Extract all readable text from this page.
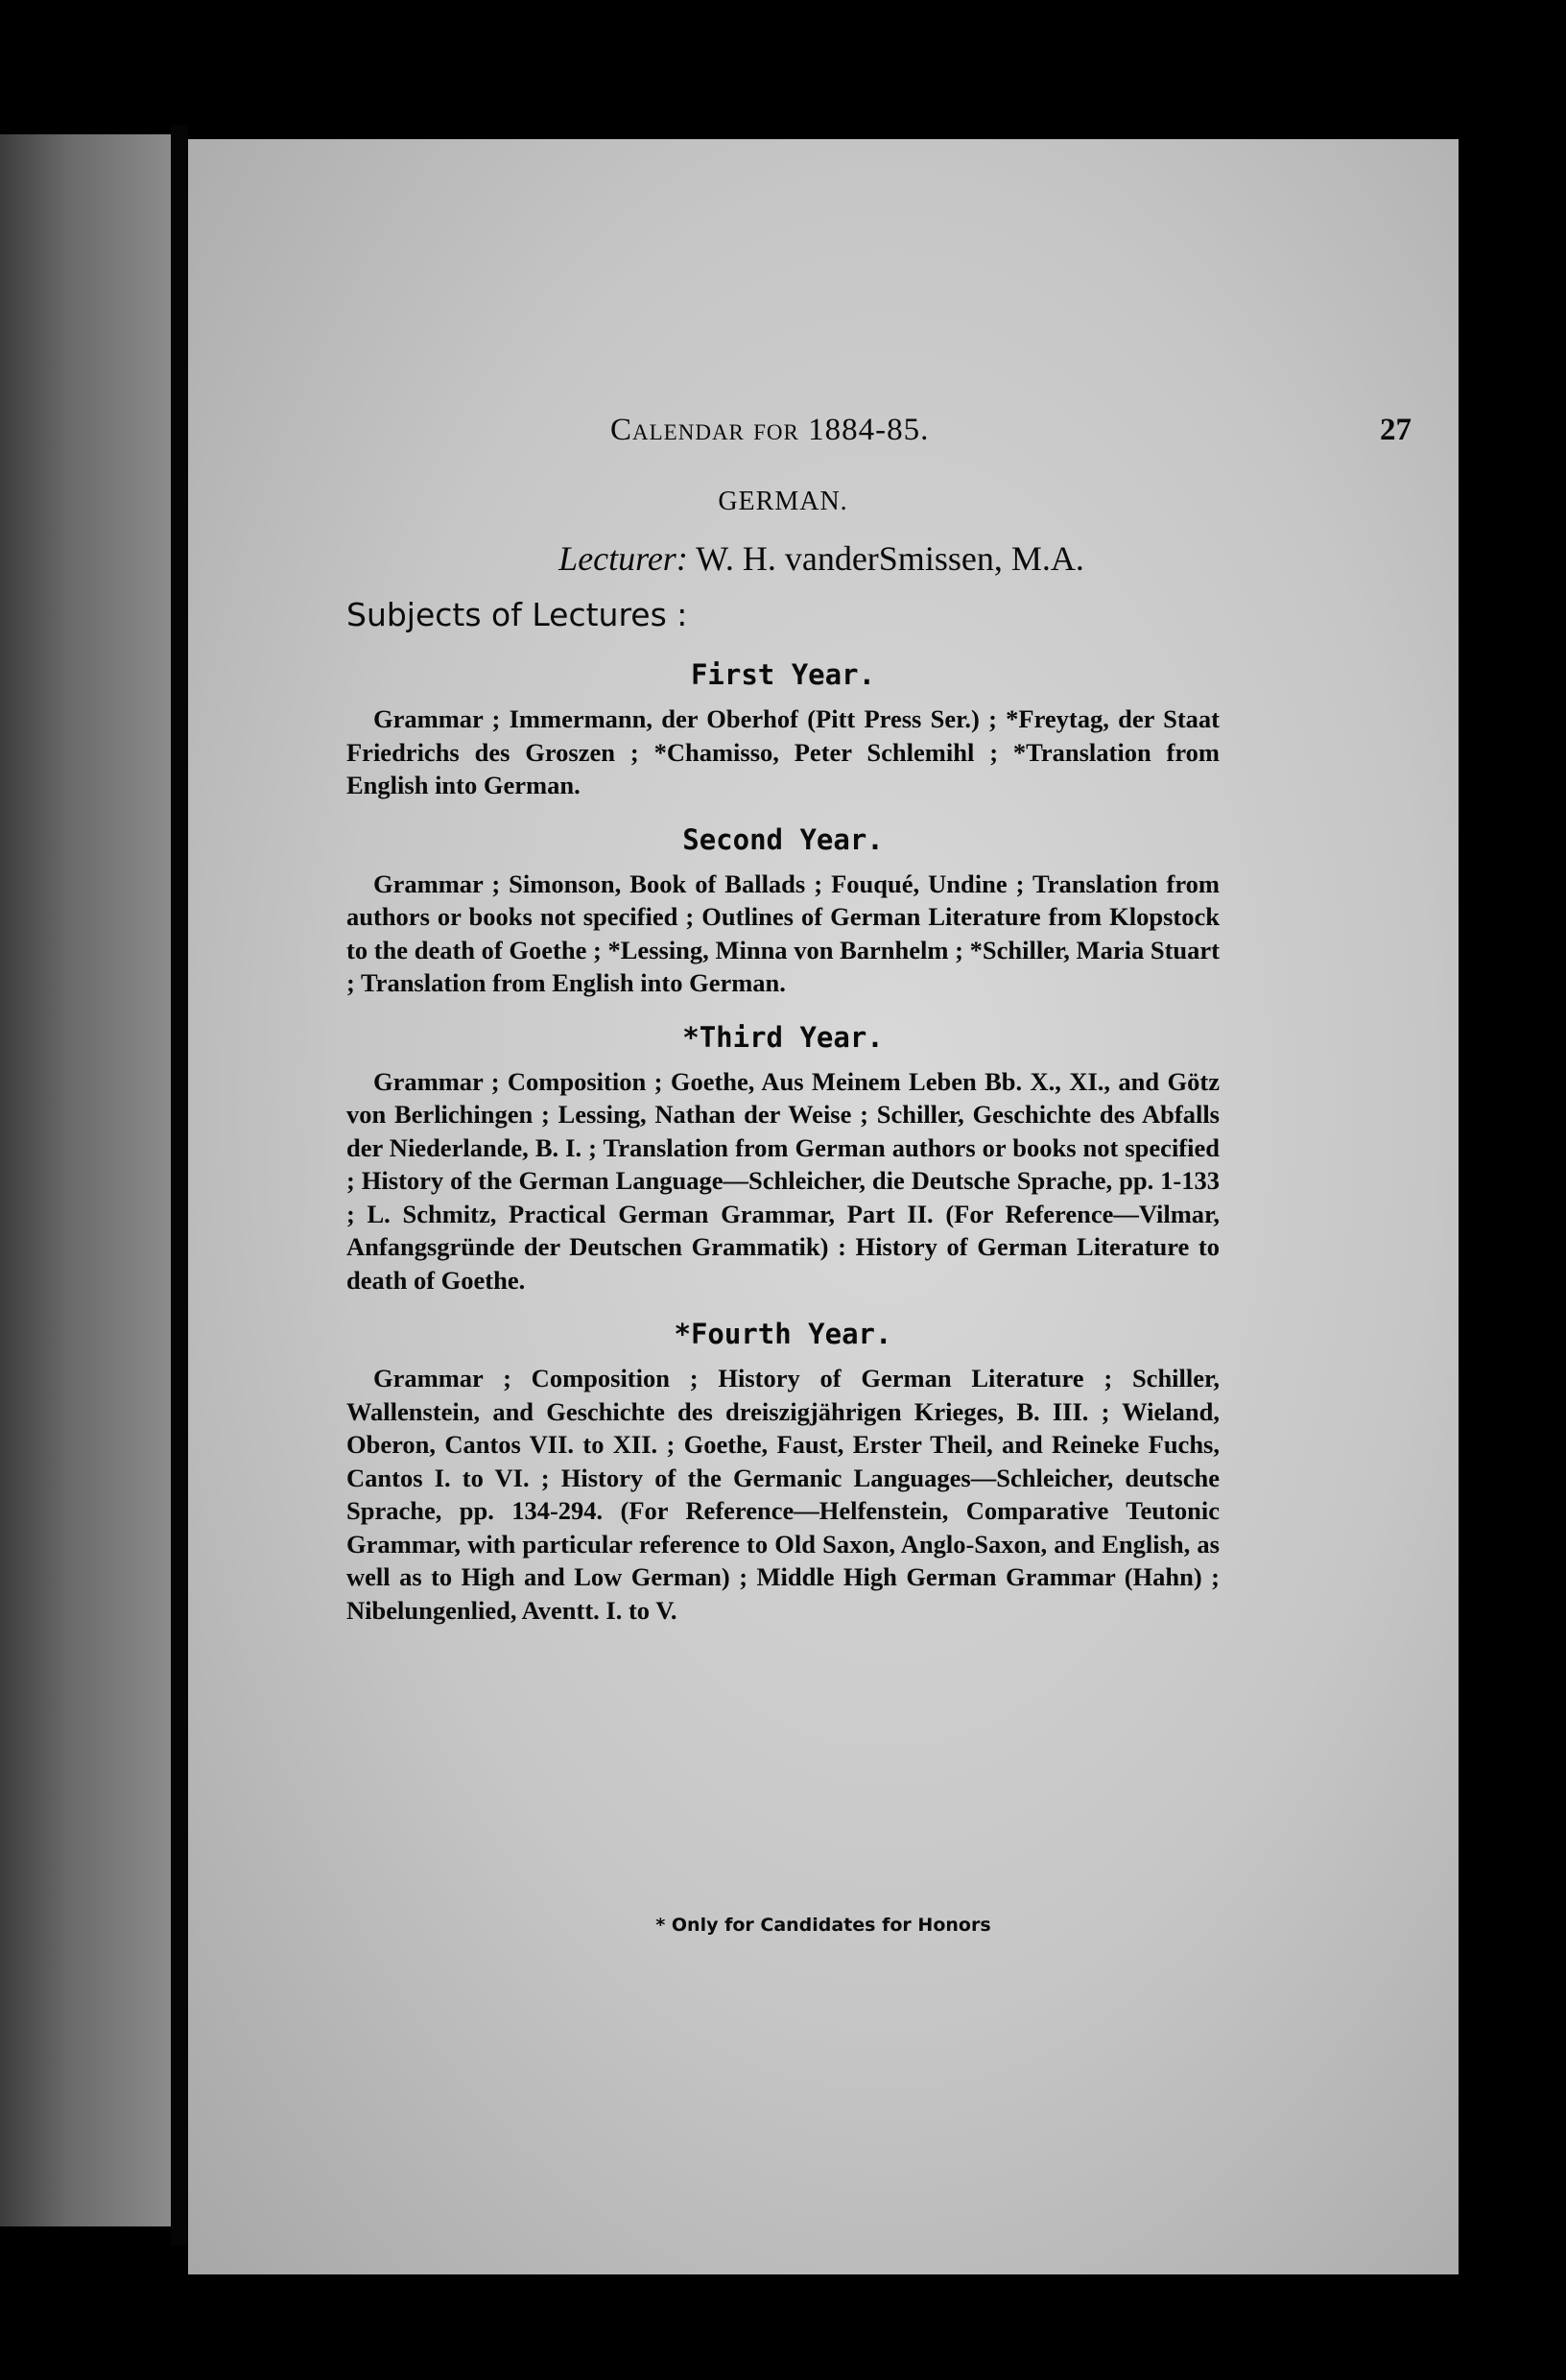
Calendar for 1884-85.	27
GERMAN.
Lecturer: W. H. vanderSmissen, M.A.
Subjects of Lectures :
First Year.

Grammar ; Immermann, der Oberhof (Pitt Press Ser.) ; *Freytag, der Staat Friedrichs des Groszen ; *Chamisso, Peter Schlemihl ; *Translation from English into German.

Second Year.

Grammar ; Simonson, Book of Ballads ; Fouqué, Undine ; Translation from authors or books not specified ; Outlines of German Literature from Klopstock to the death of Goethe ; *Lessing, Minna von Barnhelm ; *Schiller, Maria Stuart ; Translation from English into German.

*Third Year.

Grammar ; Composition ; Goethe, Aus Meinem Leben Bb. X., XI., and Götz von Berlichingen ; Lessing, Nathan der Weise ; Schiller, Geschichte des Abfalls der Niederlande, B. I. ; Translation from German authors or books not specified ; History of the German Language—Schleicher, die Deutsche Sprache, pp. 1-133 ; L. Schmitz, Practical German Grammar, Part II. (For Reference—Vilmar, Anfangsgründe der Deutschen Grammatik) : History of German Literature to death of Goethe.

*Fourth Year.

Grammar ; Composition ; History of German Literature ; Schiller, Wallenstein, and Geschichte des dreiszigjährigen Krieges, B. III. ; Wieland, Oberon, Cantos VII. to XII. ; Goethe, Faust, Erster Theil, and Reineke Fuchs, Cantos I. to VI. ; History of the Germanic Languages—Schleicher, deutsche Sprache, pp. 134-294. (For Reference—Helfenstein, Comparative Teutonic Grammar, with particular reference to Old Saxon, Anglo-Saxon, and English, as well as to High and Low German) ; Middle High German Grammar (Hahn) ; Nibelungenlied, Aventt. I. to V.

* Only for Candidates for Honors
